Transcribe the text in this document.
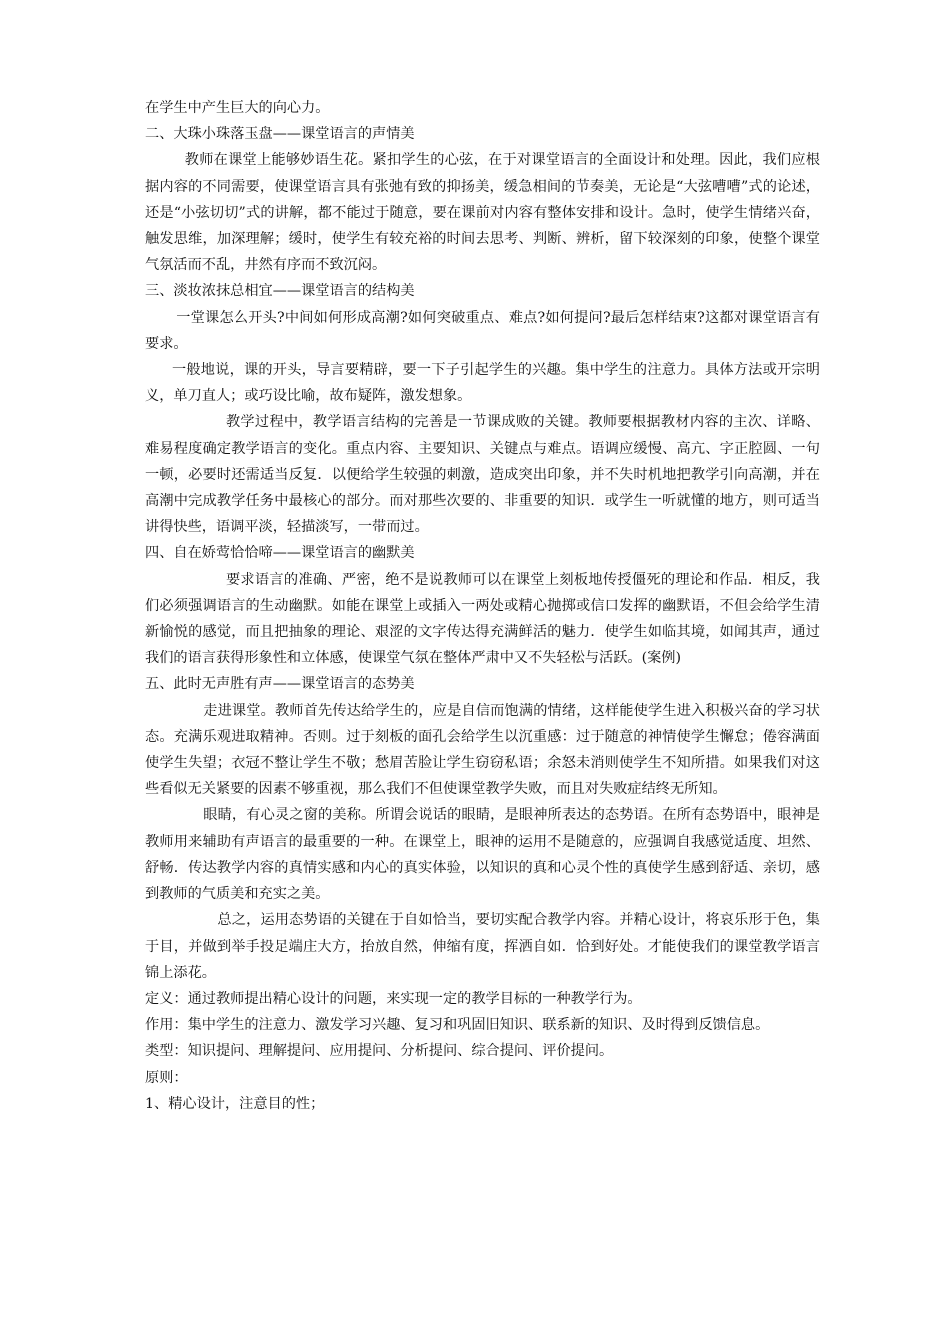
在学生中产生巨大的向心力。

二、大珠小珠落玉盘——课堂语言的声情美

教师在课堂上能够妙语生花。紧扣学生的心弦，在于对课堂语言的全面设计和处理。因此，我们应根据内容的不同需要，使课堂语言具有张弛有致的抑扬美，缓急相间的节奏美，无论是“大弦嘈嘈”式的论述，还是“小弦切切”式的讲解，都不能过于随意，要在课前对内容有整体安排和设计。急时，使学生情绪兴奋，触发思维，加深理解；缓时，使学生有较充裕的时间去思考、判断、辨析，留下较深刻的印象，使整个课堂气氛活而不乱，井然有序而不致沉闷。

三、淡妆浓抹总相宜——课堂语言的结构美

一堂课怎么开头?中间如何形成高潮?如何突破重点、难点?如何提问?最后怎样结束?这都对课堂语言有要求。

一般地说，课的开头，导言要精辟，要一下子引起学生的兴趣。集中学生的注意力。具体方法或开宗明义，单刀直人；或巧设比喻，故布疑阵，激发想象。

教学过程中，教学语言结构的完善是一节课成败的关键。教师要根据教材内容的主次、详略、难易程度确定教学语言的变化。重点内容、主要知识、关键点与难点。语调应缓慢、高亢、字正腔圆、一句一顿，必要时还需适当反复．以便给学生较强的刺激，造成突出印象，并不失时机地把教学引向高潮，并在高潮中完成教学任务中最核心的部分。而对那些次要的、非重要的知识．或学生一听就懂的地方，则可适当讲得快些，语调平淡，轻描淡写，一带而过。

四、自在娇莺恰恰啼——课堂语言的幽默美

要求语言的准确、严密，绝不是说教师可以在课堂上刻板地传授僵死的理论和作品．相反，我们必须强调语言的生动幽默。如能在课堂上或插入一两处或精心抛掷或信口发挥的幽默语，不但会给学生清新愉悦的感觉，而且把抽象的理论、艰涩的文字传达得充满鲜活的魅力．使学生如临其境，如闻其声，通过我们的语言获得形象性和立体感，使课堂气氛在整体严肃中又不失轻松与活跃。(案例)

五、此时无声胜有声——课堂语言的态势美

走进课堂。教师首先传达给学生的，应是自信而饱满的情绪，这样能使学生进入积极兴奋的学习状态。充满乐观进取精神。否则。过于刻板的面孔会给学生以沉重感：过于随意的神情使学生懈怠；倦容满面使学生失望；衣冠不整让学生不敬；愁眉苦脸让学生窃窃私语；余怒未消则使学生不知所措。如果我们对这些看似无关紧要的因素不够重视，那么我们不但使课堂教学失败，而且对失败症结终无所知。

眼睛，有心灵之窗的美称。所谓会说话的眼睛，是眼神所表达的态势语。在所有态势语中，眼神是教师用来辅助有声语言的最重要的一种。在课堂上，眼神的运用不是随意的，应强调自我感觉适度、坦然、舒畅．传达教学内容的真情实感和内心的真实体验，以知识的真和心灵个性的真使学生感到舒适、亲切，感到教师的气质美和充实之美。

总之，运用态势语的关键在于自如恰当，要切实配合教学内容。并精心设计，将哀乐形于色，集于目，并做到举手投足端庄大方，抬放自然，伸缩有度，挥洒自如．恰到好处。才能使我们的课堂教学语言锦上添花。

定义：通过教师提出精心设计的问题，来实现一定的教学目标的一种教学行为。

作用：集中学生的注意力、激发学习兴趣、复习和巩固旧知识、联系新的知识、及时得到反馈信息。

类型：知识提问、理解提问、应用提问、分析提问、综合提问、评价提问。

原则：

1、精心设计，注意目的性；
